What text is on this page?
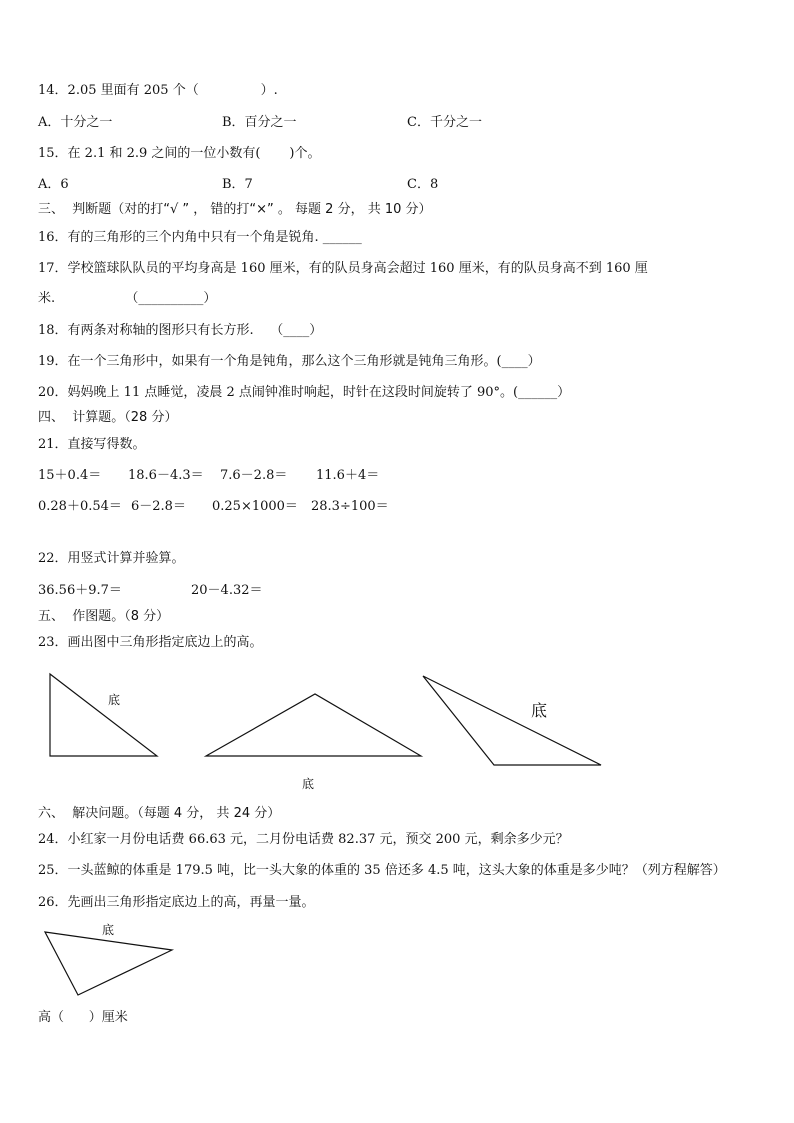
14．2.05 里面有 205 个（               ）.
A．十分之一	B．百分之一	C．千分之一
15．在 2.1 和 2.9 之间的一位小数有(       )个。
A．6	B．7	C．8
三、  判断题（对的打“√ ” ， 错的打“×” 。 每题 2 分， 共 10 分）
16．有的三角形的三个内角中只有一个角是锐角. ______
17．学校篮球队队员的平均身高是 160 厘米，有的队员身高会超过 160 厘米，有的队员身高不到 160 厘
米.                 （__________）
18．有两条对称轴的图形只有长方形.    （____）
19．在一个三角形中，如果有一个角是钝角，那么这个三角形就是钝角三角形。(____）
20．妈妈晚上 11 点睡觉，凌晨 2 点闹钟准时响起，时针在这段时间旋转了 90°。(______）
四、  计算题。（28 分）
21．直接写得数。
15＋0.4＝ 18.6－4.3＝ 7.6－2.8＝ 11.6＋4＝
0.28＋0.54＝ 6－2.8＝ 0.25×1000＝ 28.3÷100＝
22．用竖式计算并验算。
36.56＋9.7＝	20－4.32＝
五、  作图题。（8 分）
23．画出图中三角形指定底边上的高。
底
底
底
六、  解决问题。（每题 4 分， 共 24 分）
24．小红家一月份电话费 66.63 元，二月份电话费 82.37 元，预交 200 元，剩余多少元？
25．一头蓝鲸的体重是 179.5 吨，比一头大象的体重的 35 倍还多 4.5 吨，这头大象的体重是多少吨？（列方程解答）
26．先画出三角形指定底边上的高，再量一量。
底
高（      ）厘米
